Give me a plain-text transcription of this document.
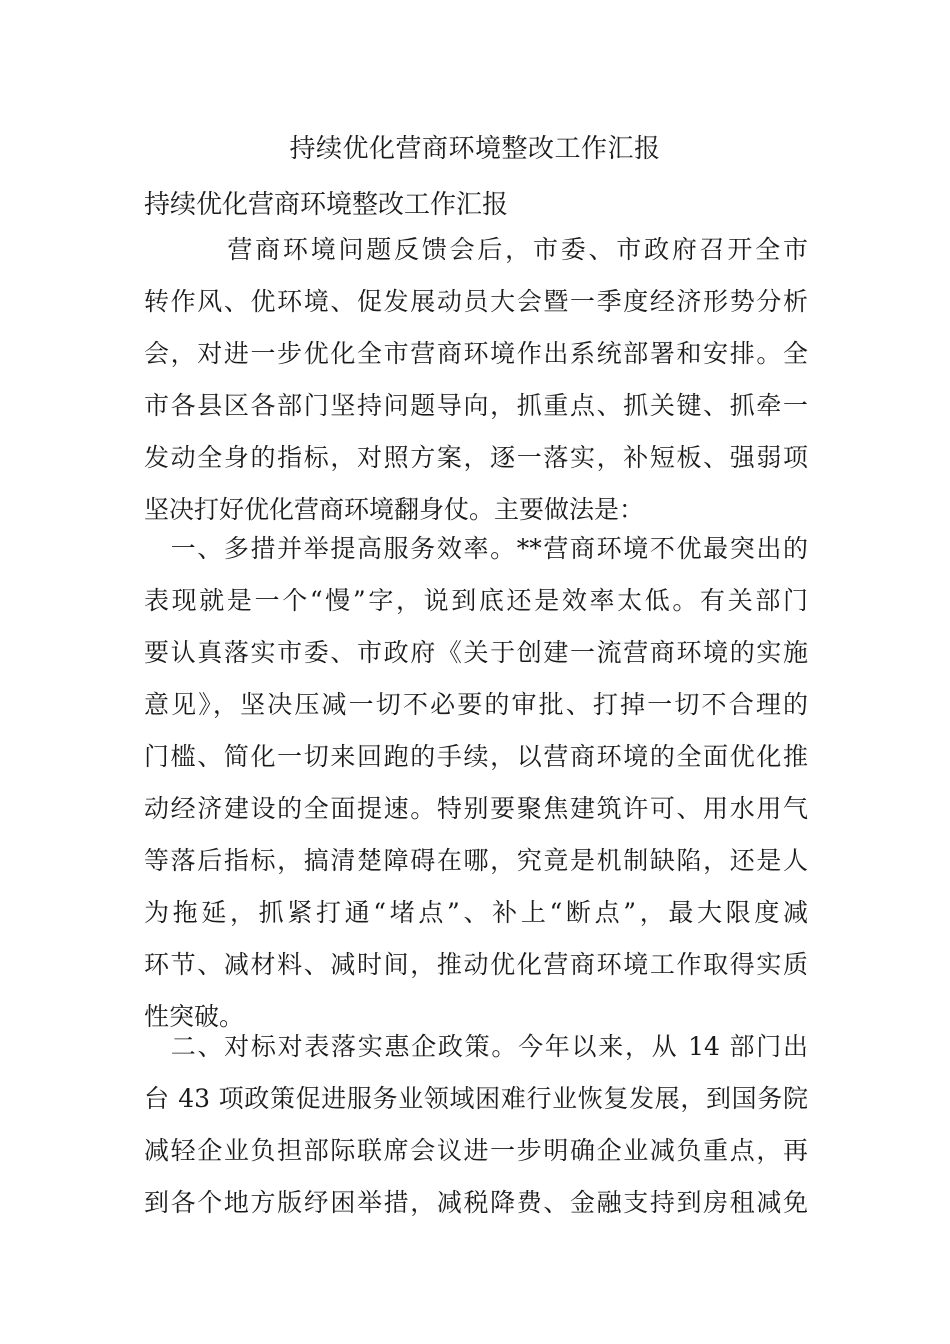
持续优化营商环境整改工作汇报
持续优化营商环境整改工作汇报
　　　营商环境问题反馈会后，市委、市政府召开全市
转作风、优环境、促发展动员大会暨一季度经济形势分析
会，对进一步优化全市营商环境作出系统部署和安排。全
市各县区各部门坚持问题导向，抓重点、抓关键、抓牵一
发动全身的指标，对照方案，逐一落实，补短板、强弱项
坚决打好优化营商环境翻身仗。主要做法是：
　一、多措并举提高服务效率。**营商环境不优最突出的
表现就是一个“慢”字，说到底还是效率太低。有关部门
要认真落实市委、市政府《关于创建一流营商环境的实施
意见》，坚决压减一切不必要的审批、打掉一切不合理的
门槛、简化一切来回跑的手续，以营商环境的全面优化推
动经济建设的全面提速。特别要聚焦建筑许可、用水用气
等落后指标，搞清楚障碍在哪，究竟是机制缺陷，还是人
为拖延，抓紧打通“堵点”、补上“断点”，最大限度减
环节、减材料、减时间，推动优化营商环境工作取得实质
性突破。
　二、对标对表落实惠企政策。今年以来，从 14 部门出
台 43 项政策促进服务业领域困难行业恢复发展，到国务院
减轻企业负担部际联席会议进一步明确企业减负重点，再
到各个地方版纾困举措，减税降费、金融支持到房租减免
